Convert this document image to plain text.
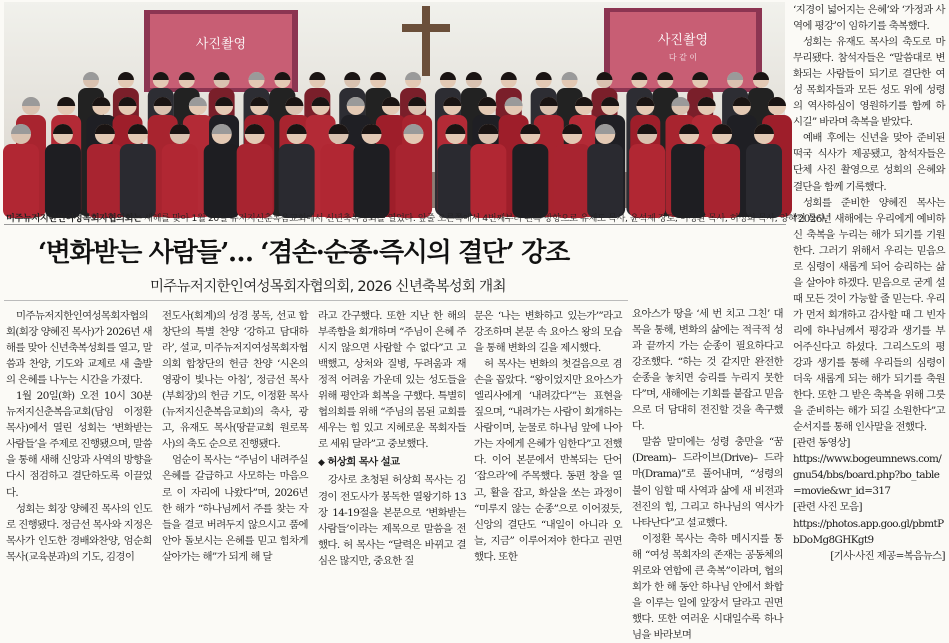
사진촬영	사진촬영
다 같 이
미주뉴저지한인여성목회자협의회는 새해를 맞아 1월 20일 뉴저지신춘복음교회에서 신년축복성회를 열었다. 앞줄 오른쪽에서 4번째부터 왼쪽 방향으로 유재도 목사, 윤석제 장로, 이정환 목사, 허성희 목사, 양혜진 목사.
‘변화받는 사람들’… ‘겸손·순종·즉시의 결단’ 강조
미주뉴저지한인여성목회자협의회, 2026 신년축복성회 개최

미주뉴저지한인여성목회자협의회(회장 양혜진 목사)가 2026년 새해를 맞아 신년축복성회를 열고, 말씀과 찬양, 기도와 교제로 새 출발의 은혜를 나누는 시간을 가졌다.

1월 20일(화) 오전 10시 30분 뉴저지신춘복음교회(담임 이정환 목사)에서 열린 성회는 ‘변화받는 사람들’을 주제로 진행됐으며, 말씀을 통해 새해 신앙과 사역의 방향을 다시 점검하고 결단하도록 이끌었다.

성회는 회장 양혜진 목사의 인도로 진행됐다. 정금선 목사와 지정은 목사가 인도한 경배와찬양, 엄순희 목사(교육분과)의 기도, 김경이

전도사(회계)의 성경 봉독, 선교 합창단의 특별 찬양 ‘강하고 담대하라’, 설교, 미주뉴저지여성목회자협의회 합창단의 헌금 찬양 ‘시온의 영광이 빛나는 아침’, 정금선 목사(부회장)의 헌금 기도, 이정환 목사(뉴저지신춘복음교회)의 축사, 광고, 유재도 목사(땅끝교회 원로목사)의 축도 순으로 진행됐다.

엄순이 목사는 “주님이 내려주실 은혜를 갈급하고 사모하는 마음으로 이 자리에 나왔다”며, 2026년 한 해가 “하나님께서 주를 찾는 자들을 결코 버려두지 않으시고 품에 안아 돌보시는 은혜를 믿고 힘차게 살아가는 해”가 되게 해 달

라고 간구했다. 또한 지난 한 해의 부족함을 회개하며 “주님이 은혜 주시지 않으면 사람할 수 없다”고 고백했고, 상처와 질병, 두려움과 재정적 어려움 가운데 있는 성도들을 위해 평안과 회복을 구했다. 특별히 협의회를 위해 “주님의 몸된 교회를 세우는 힘 있고 지혜로운 목회자들로 세워 달라”고 중보했다.

◆ 허상희 목사 설교

강사로 초청된 허상희 목사는 김경이 전도사가 봉독한 열왕기하 13장 14-19절을 본문으로 ‘변화받는 사람들’이라는 제목으로 말씀을 전했다. 허 목사는 “달력은 바뀌고 결심은 많지만, 중요한 질

문은 ‘나는 변화하고 있는가’”라고 강조하며 본문 속 요아스 왕의 모습을 통해 변화의 길을 제시했다.

허 목사는 변화의 첫걸음으로 겸손을 꼽았다. “왕이었지만 요아스가 엘리사에게 ‘내려갔다’”는 표현을 짚으며, “내려가는 사람이 회개하는 사람이며, 눈물로 하나님 앞에 나아가는 자에게 은혜가 임한다”고 전했다. 이어 본문에서 반복되는 단어 ‘잡으라’에 주목했다. 동편 창을 열고, 활을 잡고, 화살을 쏘는 과정이 “미루지 않는 순종”으로 이어졌듯, 신앙의 결단도 “내일이 아니라 오늘, 지금” 이루어져야 한다고 권면했다. 또한

요아스가 땅을 ‘세 번 치고 그친’ 대목을 통해, 변화의 삶에는 적극적 성과 끝까지 가는 순종이 필요하다고 강조했다. “하는 것 같지만 완전한 순종을 놓치면 승리를 누리지 못한다”며, 새해에는 기회를 붙잡고 믿음으로 더 담대히 전진할 것을 촉구했다.

말씀 말미에는 성령 충만을 “꿈(Dream)– 드라이브(Drive)– 드라마(Drama)”로 풀어내며, “성령의 불이 임할 때 사역과 삶에 새 비전과 전진의 힘, 그리고 하나님의 역사가 나타난다”고 설교했다.

이정환 목사는 축하 메시지를 통해 “여성 목회자의 존재는 공동체의 위로와 연합에 큰 축복”이라며, 협의회가 한 해 동안 하나님 안에서 화합을 이루는 일에 앞장서 달라고 권면했다. 또한 여러운 시대일수록 하나님을 바라보며

‘지경이 넓어지는 은혜’와 ‘가정과 사역에 평강’이 임하기를 축복했다.

성회는 유재도 목사의 축도로 마무리됐다. 참석자들은 “말씀대로 변화되는 사람들이 되기로 결단한 여성 목회자들과 모든 성도 위에 성령의 역사하심이 영원하기를 함께 하시길” 바라며 축복을 받았다.

예배 후에는 신년을 맞아 준비된 떡국 식사가 제공됐고, 참석자들은 단체 사진 촬영으로 성회의 은혜와 결단을 함께 기록했다.

성회를 준비한 양혜진 목사는 “2026년 새해에는 우리에게 예비하신 축복을 누리는 해가 되기를 기원한다. 그러기 위해서 우리는 믿음으로 심령이 새롭게 되어 승리하는 삶을 살아야 하겠다. 믿음으로 굳게 설 때 모든 것이 가능할 줄 믿는다. 우리가 먼저 회개하고 감사할 때 그 빈자리에 하나님께서 평강과 생기를 부어주신다고 하셨다. 그리스도의 평강과 생기를 통해 우리들의 심령이 더욱 새롭게 되는 해가 되기를 축원한다. 또한 그 받은 축복을 위해 그릇을 준비하는 해가 되길 소원한다”고 순서지를 통해 인사말을 전했다.

[관련 동영상]

https://www.bogeumnews.com/gnu54/bbs/board.php?bo_table=movie&wr_id=317

[관련 사진 모음]

https://photos.app.goo.gl/pbmtPbDoMg8GHKgt9

[기사·사진 제공=복음뉴스]
